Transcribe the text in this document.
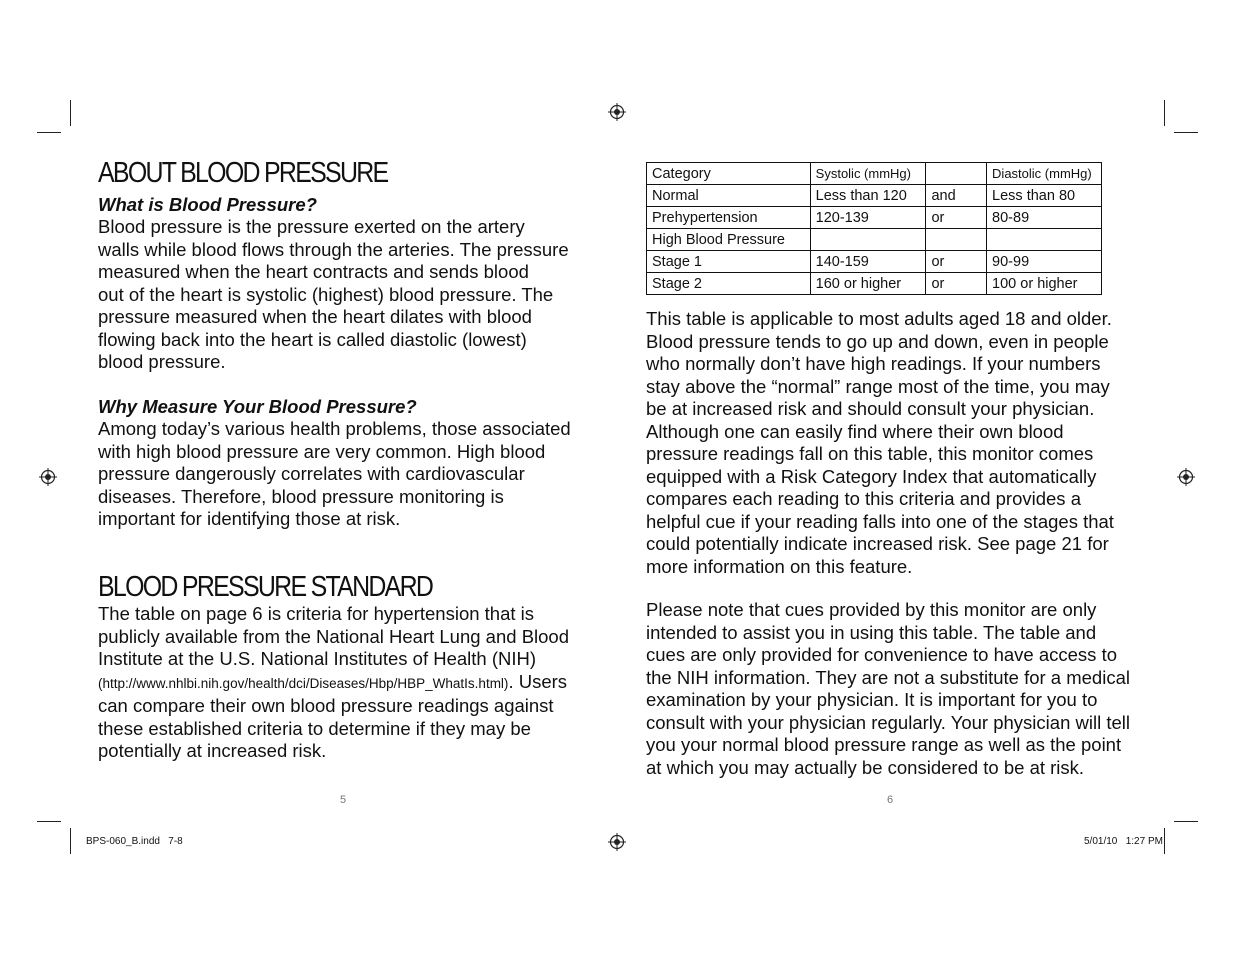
ABOUT BLOOD PRESSURE
What is Blood Pressure?
Blood pressure is the pressure exerted on the artery
walls while blood flows through the arteries. The pressure
measured when the heart contracts and sends blood
out of the heart is systolic (highest) blood pressure. The
pressure measured when the heart dilates with blood
flowing back into the heart is called diastolic (lowest)
blood pressure.
Why Measure Your Blood Pressure?
Among today’s various health problems, those associated
with high blood pressure are very common. High blood
pressure dangerously correlates with cardiovascular
diseases. Therefore, blood pressure monitoring is
important for identifying those at risk.
BLOOD PRESSURE STANDARD
The table on page 6 is criteria for hypertension that is
publicly available from the National Heart Lung and Blood
Institute at the U.S. National Institutes of Health (NIH)
(http://www.nhlbi.nih.gov/health/dci/Diseases/Hbp/HBP_WhatIs.html). Users
can compare their own blood pressure readings against
these established criteria to determine if they may be
potentially at increased risk.
5
Category	Systolic (mmHg)		Diastolic (mmHg)
Normal	Less than 120	and	Less than 80
Prehypertension	120-139	or	80-89
High Blood Pressure			
Stage 1	140-159	or	90-99
Stage 2	160 or higher	or	100 or higher
This table is applicable to most adults aged 18 and older.
Blood pressure tends to go up and down, even in people
who normally don’t have high readings. If your numbers
stay above the “normal” range most of the time, you may
be at increased risk and should consult your physician.
Although one can easily find where their own blood
pressure readings fall on this table, this monitor comes
equipped with a Risk Category Index that automatically
compares each reading to this criteria and provides a
helpful cue if your reading falls into one of the stages that
could potentially indicate increased risk. See page 21 for
more information on this feature.
Please note that cues provided by this monitor are only
intended to assist you in using this table. The table and
cues are only provided for convenience to have access to
the NIH information. They are not a substitute for a medical
examination by your physician. It is important for you to
consult with your physician regularly. Your physician will tell
you your normal blood pressure range as well as the point
at which you may actually be considered to be at risk.
6
BPS-060_B.indd   7-8	5/01/10   1:27 PM
